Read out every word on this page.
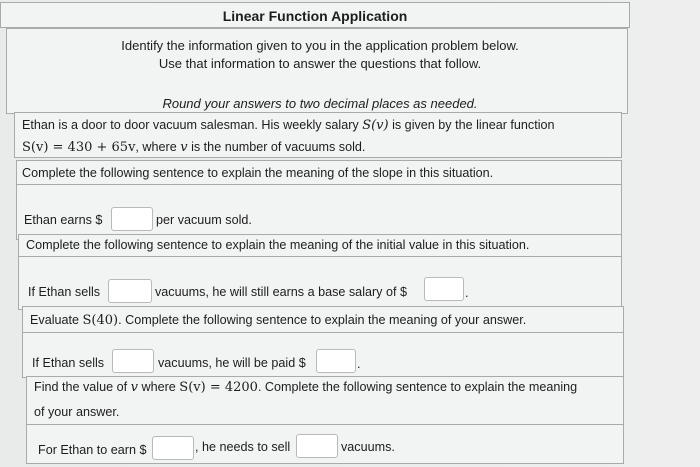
Linear Function Application
Identify the information given to you in the application problem below.
Use that information to answer the questions that follow.
Round your answers to two decimal places as needed.
Ethan is a door to door vacuum salesman. His weekly salary S(v) is given by the linear function
S(v) = 430 + 65v, where v is the number of vacuums sold.
Complete the following sentence to explain the meaning of the slope in this situation.
Ethan earns $	per vacuum sold.
Complete the following sentence to explain the meaning of the initial value in this situation.
If Ethan sells	vacuums, he will still earns a base salary of $	.
Evaluate S(40). Complete the following sentence to explain the meaning of your answer.
If Ethan sells	vacuums, he will be paid $	.
Find the value of v where S(v) = 4200. Complete the following sentence to explain the meaning
of your answer.
For Ethan to earn $	, he needs to sell	vacuums.
